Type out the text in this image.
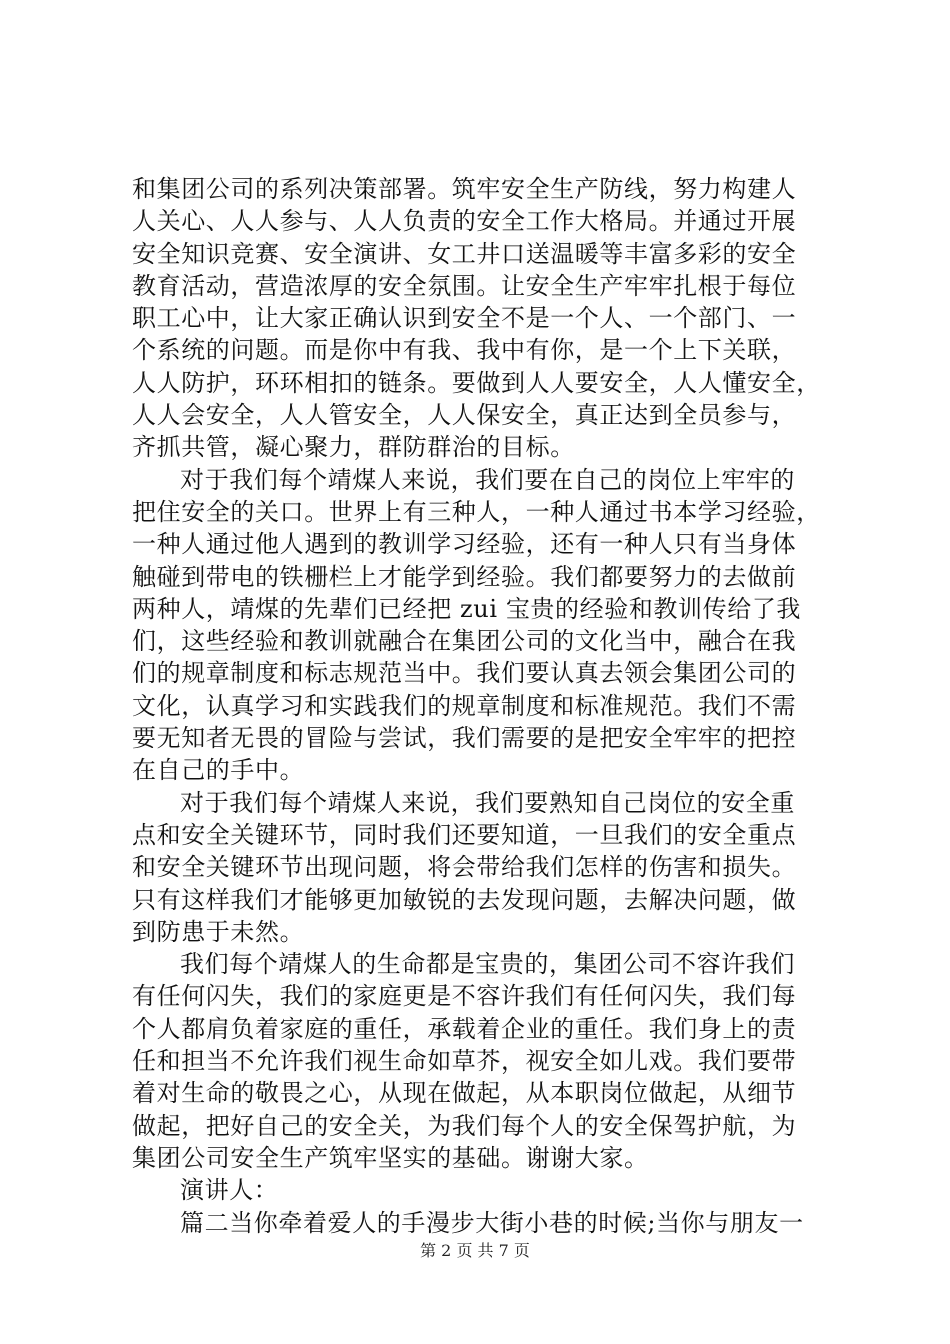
和集团公司的系列决策部署。筑牢安全生产防线，努力构建人
人关心、人人参与、人人负责的安全工作大格局。并通过开展
安全知识竞赛、安全演讲、女工井口送温暖等丰富多彩的安全
教育活动，营造浓厚的安全氛围。让安全生产牢牢扎根于每位
职工心中，让大家正确认识到安全不是一个人、一个部门、一
个系统的问题。而是你中有我、我中有你，是一个上下关联，
人人防护，环环相扣的链条。要做到人人要安全，人人懂安全，
人人会安全，人人管安全，人人保安全，真正达到全员参与，
齐抓共管，凝心聚力，群防群治的目标。
对于我们每个靖煤人来说，我们要在自己的岗位上牢牢的
把住安全的关口。世界上有三种人，一种人通过书本学习经验，
一种人通过他人遇到的教训学习经验，还有一种人只有当身体
触碰到带电的铁栅栏上才能学到经验。我们都要努力的去做前
两种人，靖煤的先辈们已经把 zui 宝贵的经验和教训传给了我
们，这些经验和教训就融合在集团公司的文化当中，融合在我
们的规章制度和标志规范当中。我们要认真去领会集团公司的
文化，认真学习和实践我们的规章制度和标准规范。我们不需
要无知者无畏的冒险与尝试，我们需要的是把安全牢牢的把控
在自己的手中。
对于我们每个靖煤人来说，我们要熟知自己岗位的安全重
点和安全关键环节，同时我们还要知道，一旦我们的安全重点
和安全关键环节出现问题，将会带给我们怎样的伤害和损失。
只有这样我们才能够更加敏锐的去发现问题，去解决问题，做
到防患于未然。
我们每个靖煤人的生命都是宝贵的，集团公司不容许我们
有任何闪失，我们的家庭更是不容许我们有任何闪失，我们每
个人都肩负着家庭的重任，承载着企业的重任。我们身上的责
任和担当不允许我们视生命如草芥，视安全如儿戏。我们要带
着对生命的敬畏之心，从现在做起，从本职岗位做起，从细节
做起，把好自己的安全关，为我们每个人的安全保驾护航，为
集团公司安全生产筑牢坚实的基础。谢谢大家。
演讲人：
篇二当你牵着爱人的手漫步大街小巷的时候;当你与朋友一
第 2 页 共 7 页
